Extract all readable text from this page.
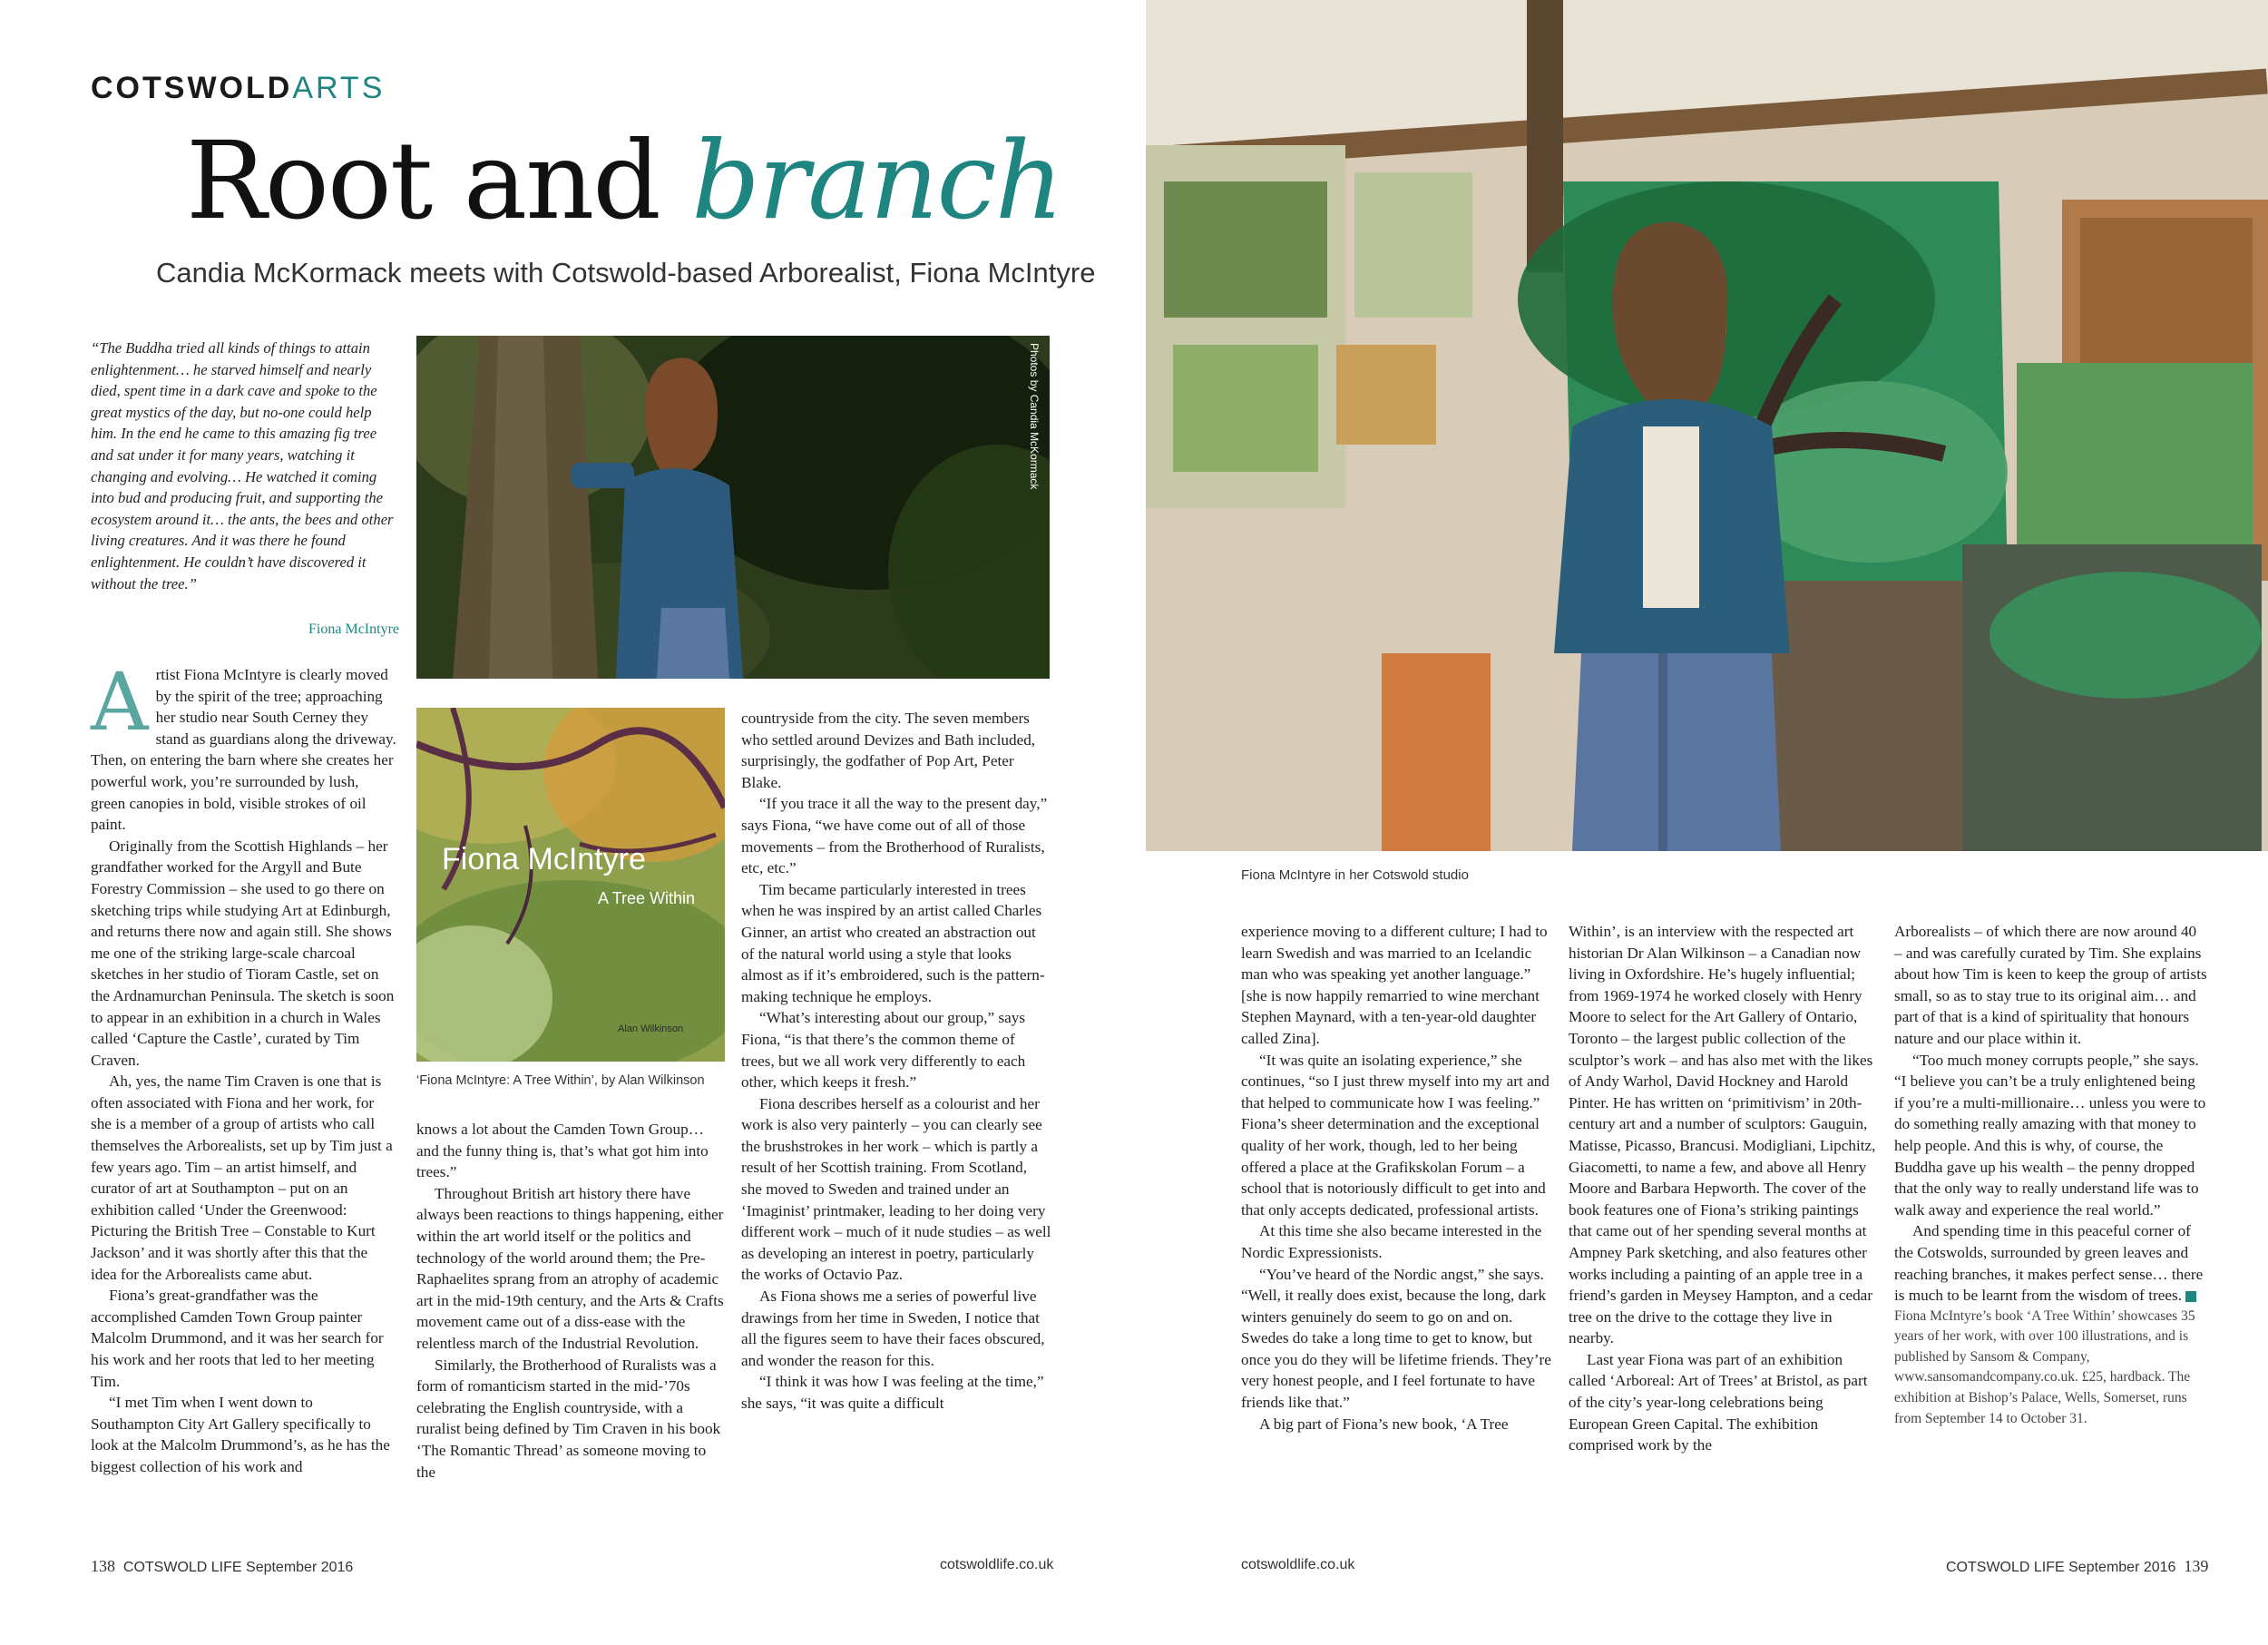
COTSWOLDARTS
Root and branch
Candia McKormack meets with Cotswold-based Arborealist, Fiona McIntyre
“The Buddha tried all kinds of things to attain enlightenment… he starved himself and nearly died, spent time in a dark cave and spoke to the great mystics of the day, but no-one could help him. In the end he came to this amazing fig tree and sat under it for many years, watching it changing and evolving… He watched it coming into bud and producing fruit, and supporting the ecosystem around it… the ants, the bees and other living creatures. And it was there he found enlightenment. He couldn’t have discovered it without the tree.”
Fiona McIntyre
Photos by Candia McKormack
Fiona McIntyre
A Tree Within
Alan Wilkinson
‘Fiona McIntyre: A Tree Within’, by Alan Wilkinson
A rtist Fiona McIntyre is clearly moved by the spirit of the tree; approaching her studio near South Cerney they stand as guardians along the driveway. Then, on entering the barn where she creates her powerful work, you’re surrounded by lush, green canopies in bold, visible strokes of oil paint.

Originally from the Scottish Highlands – her grandfather worked for the Argyll and Bute Forestry Commission – she used to go there on sketching trips while studying Art at Edinburgh, and returns there now and again still. She shows me one of the striking large-scale charcoal sketches in her studio of Tioram Castle, set on the Ardnamurchan Peninsula. The sketch is soon to appear in an exhibition in a church in Wales called ‘Capture the Castle’, curated by Tim Craven.

Ah, yes, the name Tim Craven is one that is often associated with Fiona and her work, for she is a member of a group of artists who call themselves the Arborealists, set up by Tim just a few years ago. Tim – an artist himself, and curator of art at Southampton – put on an exhibition called ‘Under the Greenwood: Picturing the British Tree – Constable to Kurt Jackson’ and it was shortly after this that the idea for the Arborealists came abut.

Fiona’s great-grandfather was the accomplished Camden Town Group painter Malcolm Drummond, and it was her search for his work and her roots that led to her meeting Tim.

“I met Tim when I went down to Southampton City Art Gallery specifically to look at the Malcolm Drummond’s, as he has the biggest collection of his work and

knows a lot about the Camden Town Group… and the funny thing is, that’s what got him into trees.”

Throughout British art history there have always been reactions to things happening, either within the art world itself or the politics and technology of the world around them; the Pre-Raphaelites sprang from an atrophy of academic art in the mid-19th century, and the Arts & Crafts movement came out of a diss-ease with the relentless march of the Industrial Revolution.

Similarly, the Brotherhood of Ruralists was a form of romanticism started in the mid-’70s celebrating the English countryside, with a ruralist being defined by Tim Craven in his book ‘The Romantic Thread’ as someone moving to the

countryside from the city. The seven members who settled around Devizes and Bath included, surprisingly, the godfather of Pop Art, Peter Blake.

“If you trace it all the way to the present day,” says Fiona, “we have come out of all of those movements – from the Brotherhood of Ruralists, etc, etc.”

Tim became particularly interested in trees when he was inspired by an artist called Charles Ginner, an artist who created an abstraction out of the natural world using a style that looks almost as if it’s embroidered, such is the pattern-making technique he employs.

“What’s interesting about our group,” says Fiona, “is that there’s the common theme of trees, but we all work very differently to each other, which keeps it fresh.”

Fiona describes herself as a colourist and her work is also very painterly – you can clearly see the brushstrokes in her work – which is partly a result of her Scottish training. From Scotland, she moved to Sweden and trained under an ‘Imaginist’ printmaker, leading to her doing very different work – much of it nude studies – as well as developing an interest in poetry, particularly the works of Octavio Paz.

As Fiona shows me a series of powerful live drawings from her time in Sweden, I notice that all the figures seem to have their faces obscured, and wonder the reason for this.

“I think it was how I was feeling at the time,” she says, “it was quite a difficult

138 COTSWOLD LIFE September 2016	cotswoldlife.co.uk
Fiona McIntyre in her Cotswold studio

experience moving to a different culture; I had to learn Swedish and was married to an Icelandic man who was speaking yet another language.” [she is now happily remarried to wine merchant Stephen Maynard, with a ten-year-old daughter called Zina].

“It was quite an isolating experience,” she continues, “so I just threw myself into my art and that helped to communicate how I was feeling.” Fiona’s sheer determination and the exceptional quality of her work, though, led to her being offered a place at the Grafikskolan Forum – a school that is notoriously difficult to get into and that only accepts dedicated, professional artists.

At this time she also became interested in the Nordic Expressionists.

“You’ve heard of the Nordic angst,” she says. “Well, it really does exist, because the long, dark winters genuinely do seem to go on and on. Swedes do take a long time to get to know, but once you do they will be lifetime friends. They’re very honest people, and I feel fortunate to have friends like that.”

A big part of Fiona’s new book, ‘A Tree

Within’, is an interview with the respected art historian Dr Alan Wilkinson – a Canadian now living in Oxfordshire. He’s hugely influential; from 1969-1974 he worked closely with Henry Moore to select for the Art Gallery of Ontario, Toronto – the largest public collection of the sculptor’s work – and has also met with the likes of Andy Warhol, David Hockney and Harold Pinter. He has written on ‘primitivism’ in 20th-century art and a number of sculptors: Gauguin, Matisse, Picasso, Brancusi. Modigliani, Lipchitz, Giacometti, to name a few, and above all Henry Moore and Barbara Hepworth. The cover of the book features one of Fiona’s striking paintings that came out of her spending several months at Ampney Park sketching, and also features other works including a painting of an apple tree in a friend’s garden in Meysey Hampton, and a cedar tree on the drive to the cottage they live in nearby.

Last year Fiona was part of an exhibition called ‘Arboreal: Art of Trees’ at Bristol, as part of the city’s year-long celebrations being European Green Capital. The exhibition comprised work by the

Arborealists – of which there are now around 40 – and was carefully curated by Tim. She explains about how Tim is keen to keep the group of artists small, so as to stay true to its original aim… and part of that is a kind of spirituality that honours nature and our place within it.

“Too much money corrupts people,” she says. “I believe you can’t be a truly enlightened being if you’re a multi-millionaire… unless you were to do something really amazing with that money to help people. And this is why, of course, the Buddha gave up his wealth – the penny dropped that the only way to really understand life was to walk away and experience the real world.”

And spending time in this peaceful corner of the Cotswolds, surrounded by green leaves and reaching branches, it makes perfect sense… there is much to be learnt from the wisdom of trees.

Fiona McIntyre’s book ‘A Tree Within’ showcases 35 years of her work, with over 100 illustrations, and is published by Sansom & Company, www.sansomandcompany.co.uk. £25, hardback. The exhibition at Bishop’s Palace, Wells, Somerset, runs from September 14 to October 31.
cotswoldlife.co.uk	COTSWOLD LIFE September 2016 139
